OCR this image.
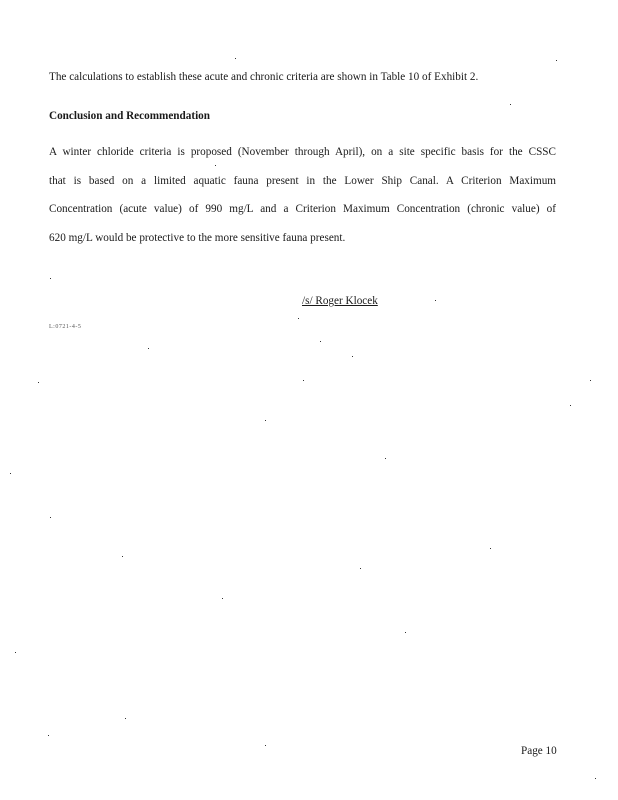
The calculations to establish these acute and chronic criteria are shown in Table 10 of Exhibit 2.
Conclusion and Recommendation
A winter chloride criteria is proposed (November through April), on a site specific basis for the CSSC
that is based on a limited aquatic fauna present in the Lower Ship Canal. A Criterion Maximum
Concentration (acute value) of 990 mg/L and a Criterion Maximum Concentration (chronic value) of
620 mg/L would be protective to the more sensitive fauna present.
/s/ Roger Klocek
L:0721-4-5
Page 10
